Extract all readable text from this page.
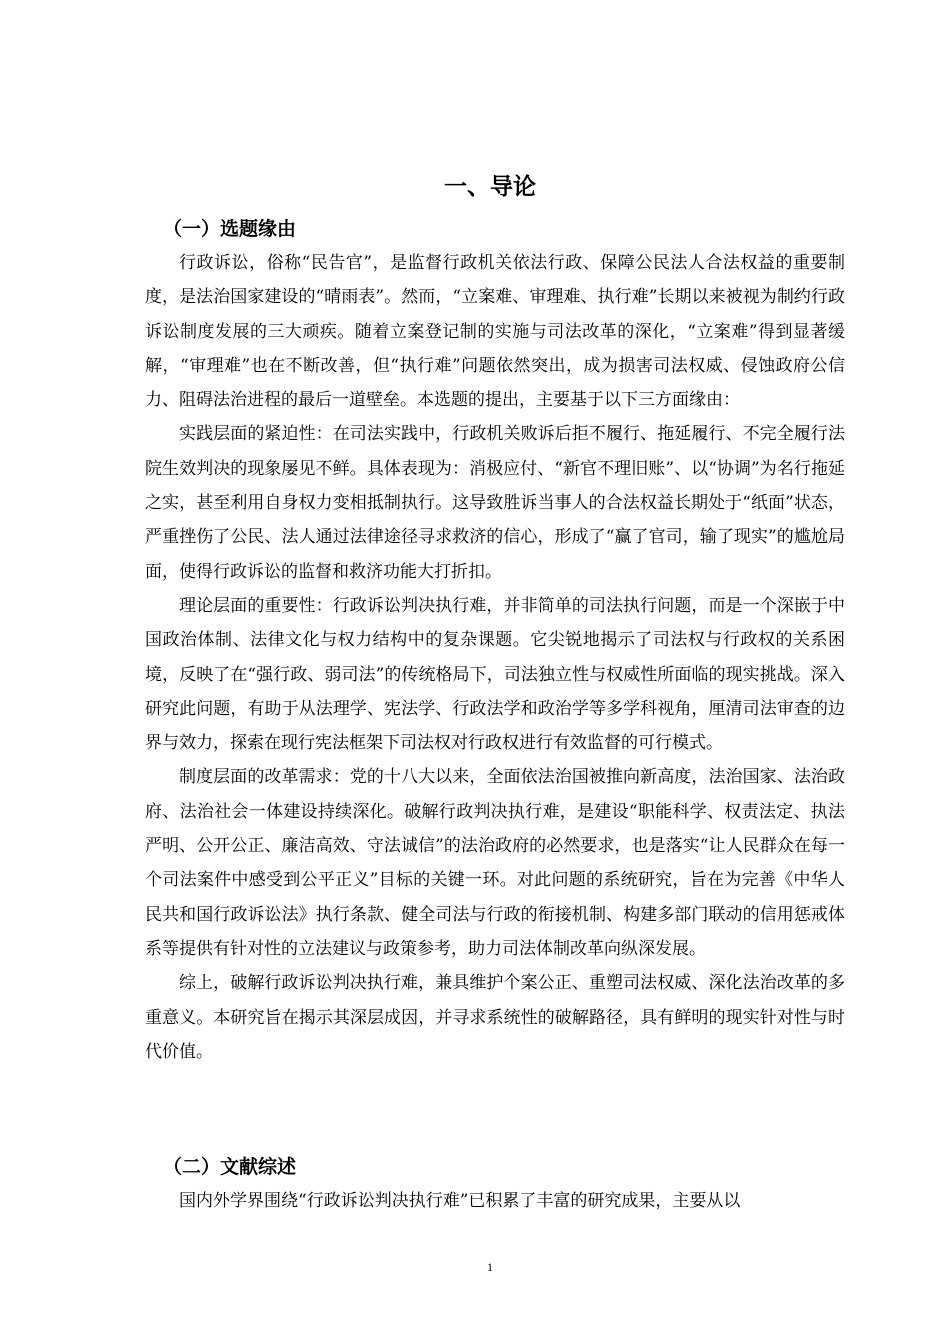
一、导论
（一）选题缘由

行政诉讼，俗称“民告官”，是监督行政机关依法行政、保障公民法人合法权益的重要制度，是法治国家建设的“晴雨表”。然而，“立案难、审理难、执行难”长期以来被视为制约行政诉讼制度发展的三大顽疾。随着立案登记制的实施与司法改革的深化，“立案难”得到显著缓解，“审理难”也在不断改善，但“执行难”问题依然突出，成为损害司法权威、侵蚀政府公信力、阻碍法治进程的最后一道壁垒。本选题的提出，主要基于以下三方面缘由：

实践层面的紧迫性：在司法实践中，行政机关败诉后拒不履行、拖延履行、不完全履行法院生效判决的现象屡见不鲜。具体表现为：消极应付、“新官不理旧账”、以“协调”为名行拖延之实，甚至利用自身权力变相抵制执行。这导致胜诉当事人的合法权益长期处于“纸面”状态，严重挫伤了公民、法人通过法律途径寻求救济的信心，形成了“赢了官司，输了现实”的尴尬局面，使得行政诉讼的监督和救济功能大打折扣。

理论层面的重要性：行政诉讼判决执行难，并非简单的司法执行问题，而是一个深嵌于中国政治体制、法律文化与权力结构中的复杂课题。它尖锐地揭示了司法权与行政权的关系困境，反映了在“强行政、弱司法”的传统格局下，司法独立性与权威性所面临的现实挑战。深入研究此问题，有助于从法理学、宪法学、行政法学和政治学等多学科视角，厘清司法审查的边界与效力，探索在现行宪法框架下司法权对行政权进行有效监督的可行模式。

制度层面的改革需求：党的十八大以来，全面依法治国被推向新高度，法治国家、法治政府、法治社会一体建设持续深化。破解行政判决执行难，是建设“职能科学、权责法定、执法严明、公开公正、廉洁高效、守法诚信”的法治政府的必然要求，也是落实“让人民群众在每一个司法案件中感受到公平正义”目标的关键一环。对此问题的系统研究，旨在为完善《中华人民共和国行政诉讼法》执行条款、健全司法与行政的衔接机制、构建多部门联动的信用惩戒体系等提供有针对性的立法建议与政策参考，助力司法体制改革向纵深发展。

综上，破解行政诉讼判决执行难，兼具维护个案公正、重塑司法权威、深化法治改革的多重意义。本研究旨在揭示其深层成因，并寻求系统性的破解路径，具有鲜明的现实针对性与时代价值。

（二）文献综述

国内外学界围绕“行政诉讼判决执行难”已积累了丰富的研究成果，主要从以

1
